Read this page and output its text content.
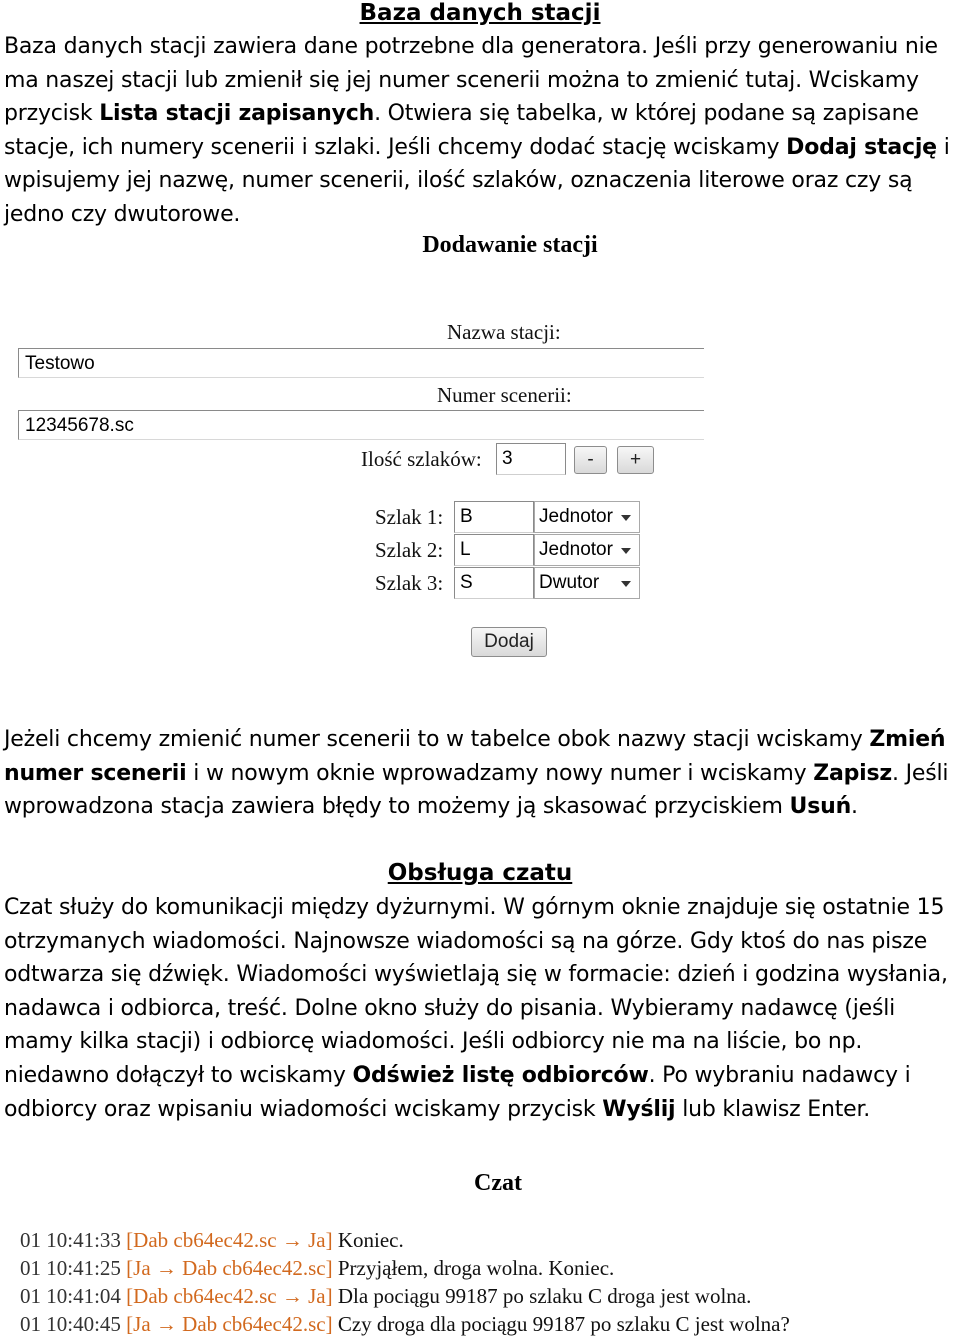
Baza danych stacji
Baza danych stacji zawiera dane potrzebne dla generatora. Jeśli przy generowaniu nie ma naszej stacji lub zmienił się jej numer scenerii można to zmienić tutaj. Wciskamy przycisk Lista stacji zapisanych. Otwiera się tabelka, w której podane są zapisane stacje, ich numery scenerii i szlaki. Jeśli chcemy dodać stację wciskamy Dodaj stację i wpisujemy jej nazwę, numer scenerii, ilość szlaków, oznaczenia literowe oraz czy są jedno czy dwutorowe.
Dodawanie stacji
Nazwa stacji:
Testowo
Numer scenerii:
12345678.sc
Ilość szlaków:	3	-	+
Szlak 1: B	Jednotor
Szlak 2: L	Jednotor
Szlak 3: S	Dwutor
Dodaj
Jeżeli chcemy zmienić numer scenerii to w tabelce obok nazwy stacji wciskamy Zmień numer scenerii i w nowym oknie wprowadzamy nowy numer i wciskamy Zapisz. Jeśli wprowadzona stacja zawiera błędy to możemy ją skasować przyciskiem Usuń.
Obsługa czatu
Czat służy do komunikacji między dyżurnymi. W górnym oknie znajduje się ostatnie 15 otrzymanych wiadomości. Najnowsze wiadomości są na górze. Gdy ktoś do nas pisze odtwarza się dźwięk. Wiadomości wyświetlają się w formacie: dzień i godzina wysłania, nadawca i odbiorca, treść. Dolne okno służy do pisania. Wybieramy nadawcę (jeśli mamy kilka stacji) i odbiorcę wiadomości. Jeśli odbiorcy nie ma na liście, bo np. niedawno dołączył to wciskamy Odśwież listę odbiorców. Po wybraniu nadawcy i odbiorcy oraz wpisaniu wiadomości wciskamy przycisk Wyślij lub klawisz Enter.
Czat
01 10:41:33 [Dab cb64ec42.sc → Ja] Koniec.
01 10:41:25 [Ja → Dab cb64ec42.sc] Przyjąłem, droga wolna. Koniec.
01 10:41:04 [Dab cb64ec42.sc → Ja] Dla pociągu 99187 po szlaku C droga jest wolna.
01 10:40:45 [Ja → Dab cb64ec42.sc] Czy droga dla pociągu 99187 po szlaku C jest wolna?
